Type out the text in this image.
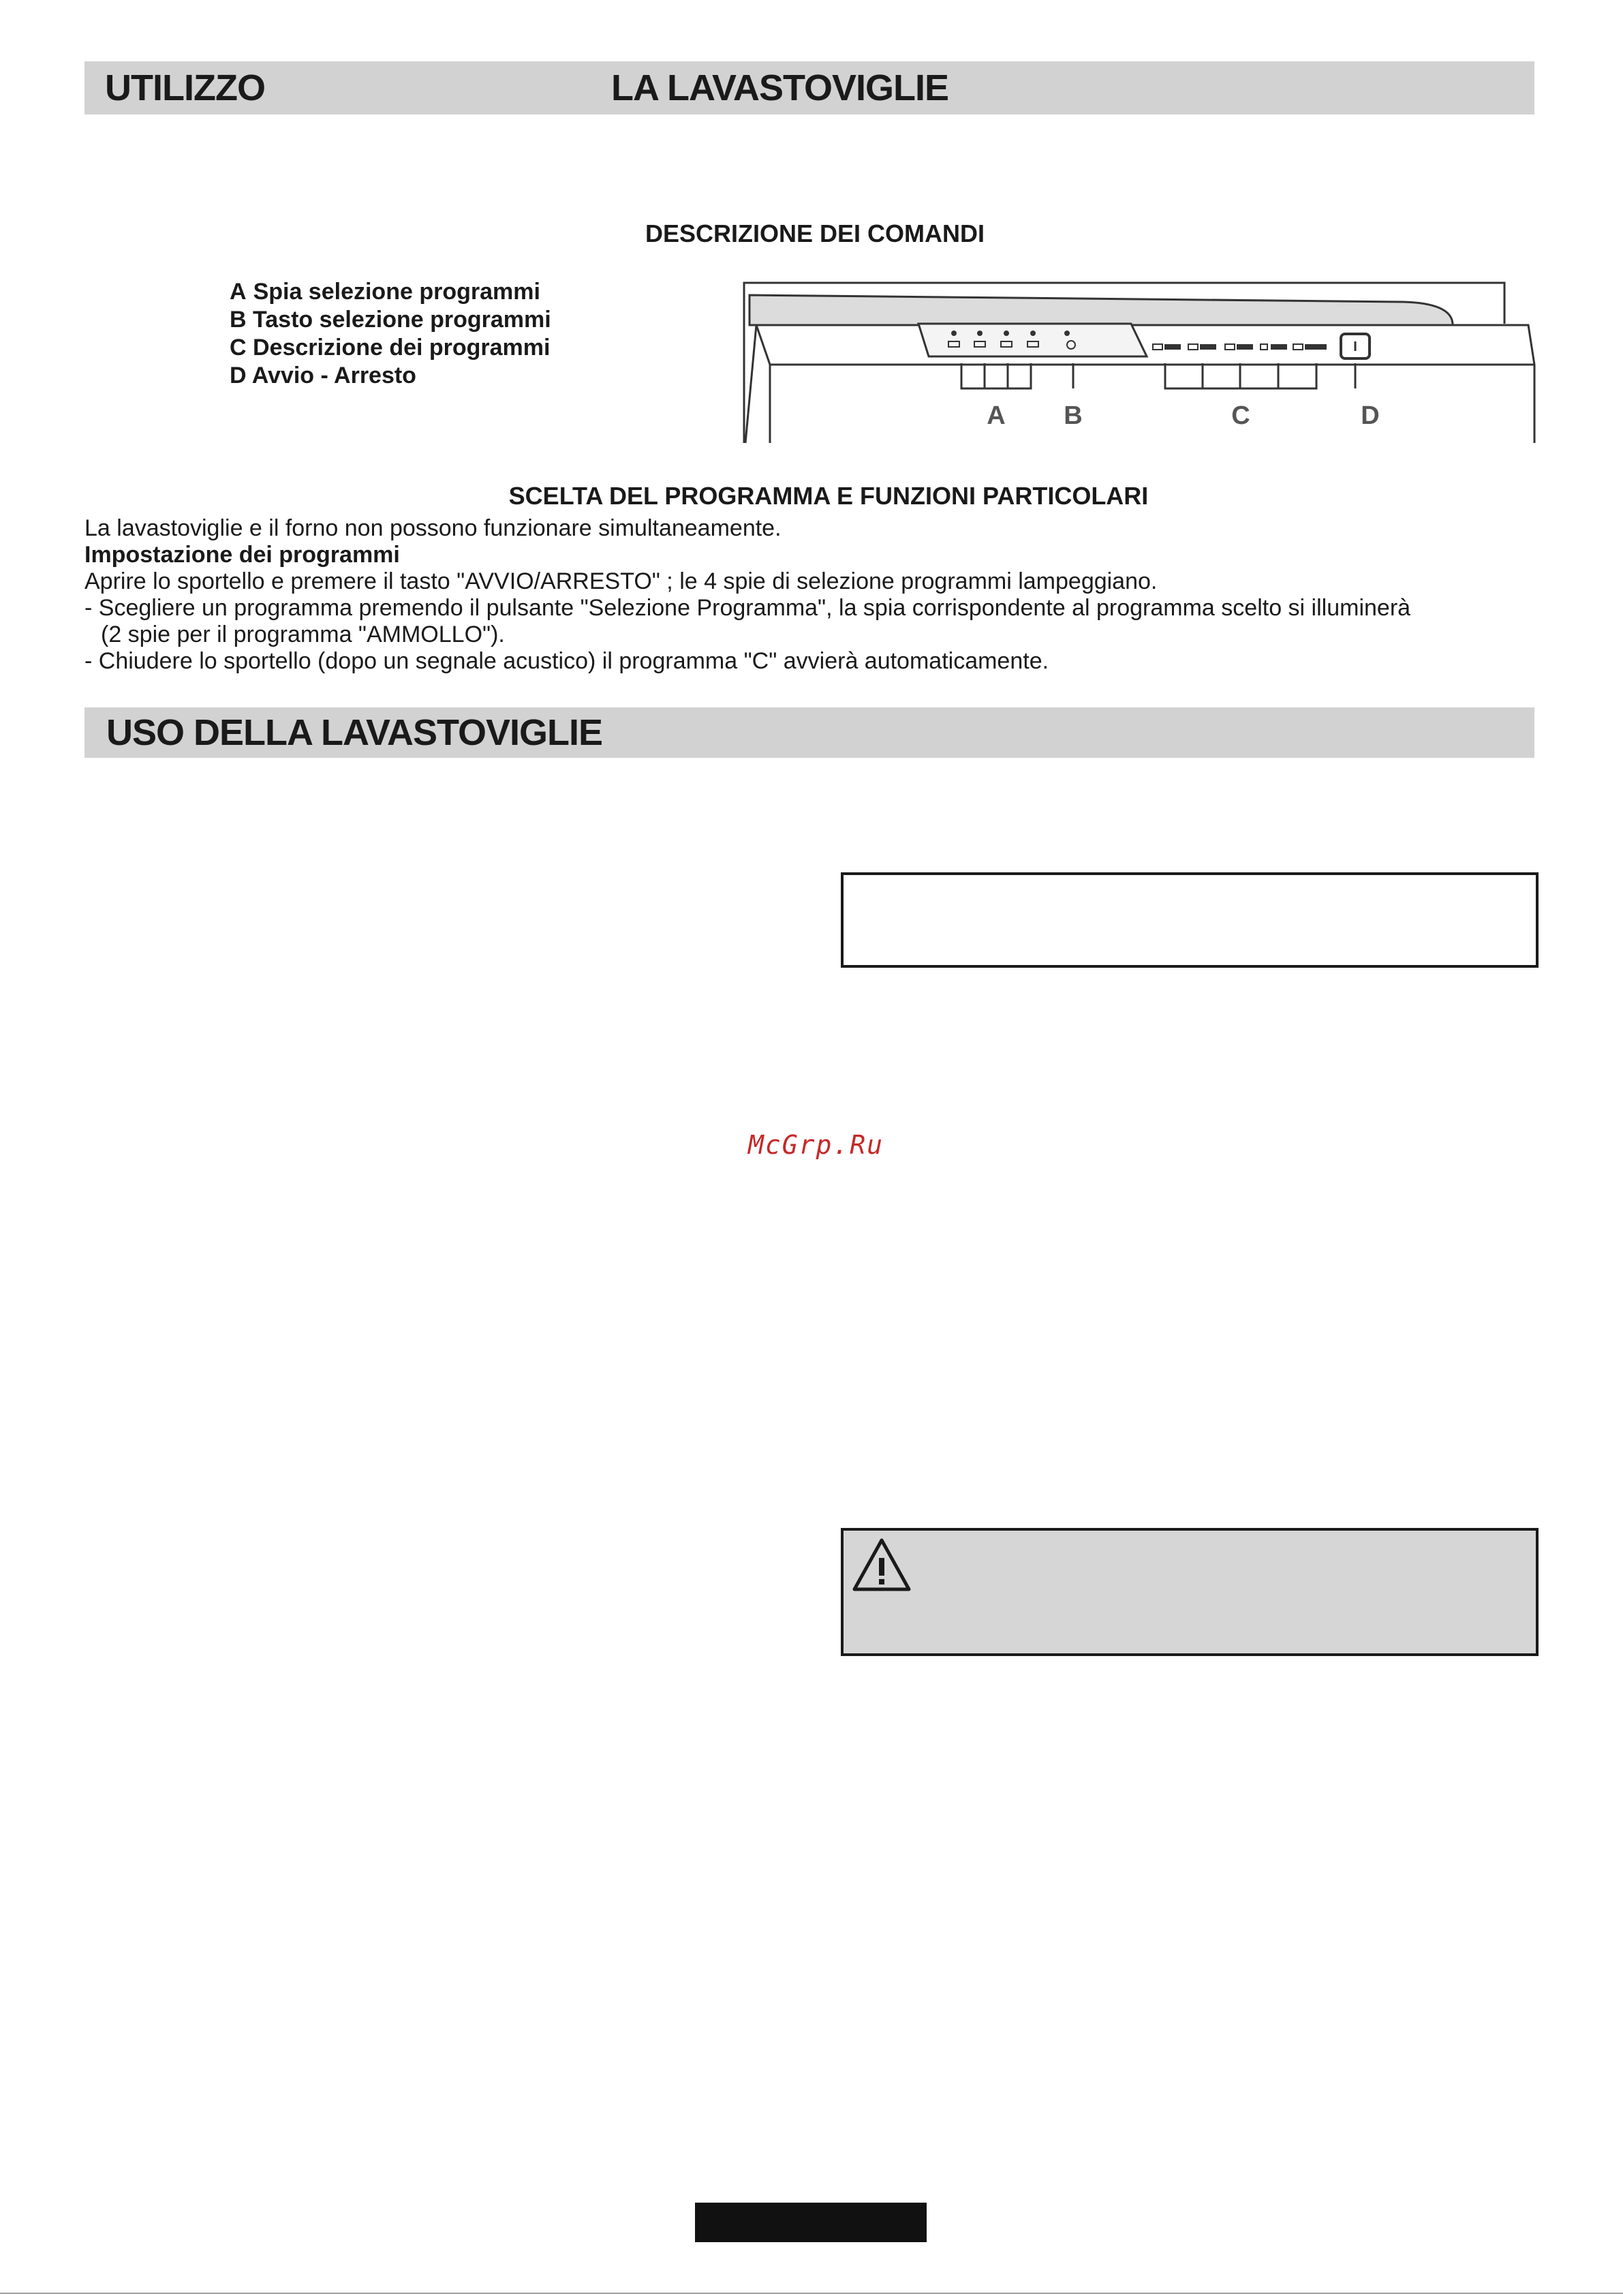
UTILIZZO	LA LAVASTOVIGLIE
DESCRIZIONE DEI COMANDI
A Spia selezione programmi
B Tasto selezione programmi
C Descrizione dei programmi
D Avvio - Arresto
A B	C	D
SCELTA DEL PROGRAMMA E FUNZIONI PARTICOLARI
La lavastoviglie e il forno non possono funzionare simultaneamente.
Impostazione dei programmi
Aprire lo sportello e premere il tasto "AVVIO/ARRESTO" ; le 4 spie di selezione programmi lampeggiano.
- Scegliere un programma premendo il pulsante "Selezione Programma", la spia corrispondente al programma scelto si illuminerà
(2 spie per il programma "AMMOLLO").
- Chiudere lo sportello (dopo un segnale acustico) il programma "C" avvierà automaticamente.
USO DELLA LAVASTOVIGLIE
McGrp.Ru
